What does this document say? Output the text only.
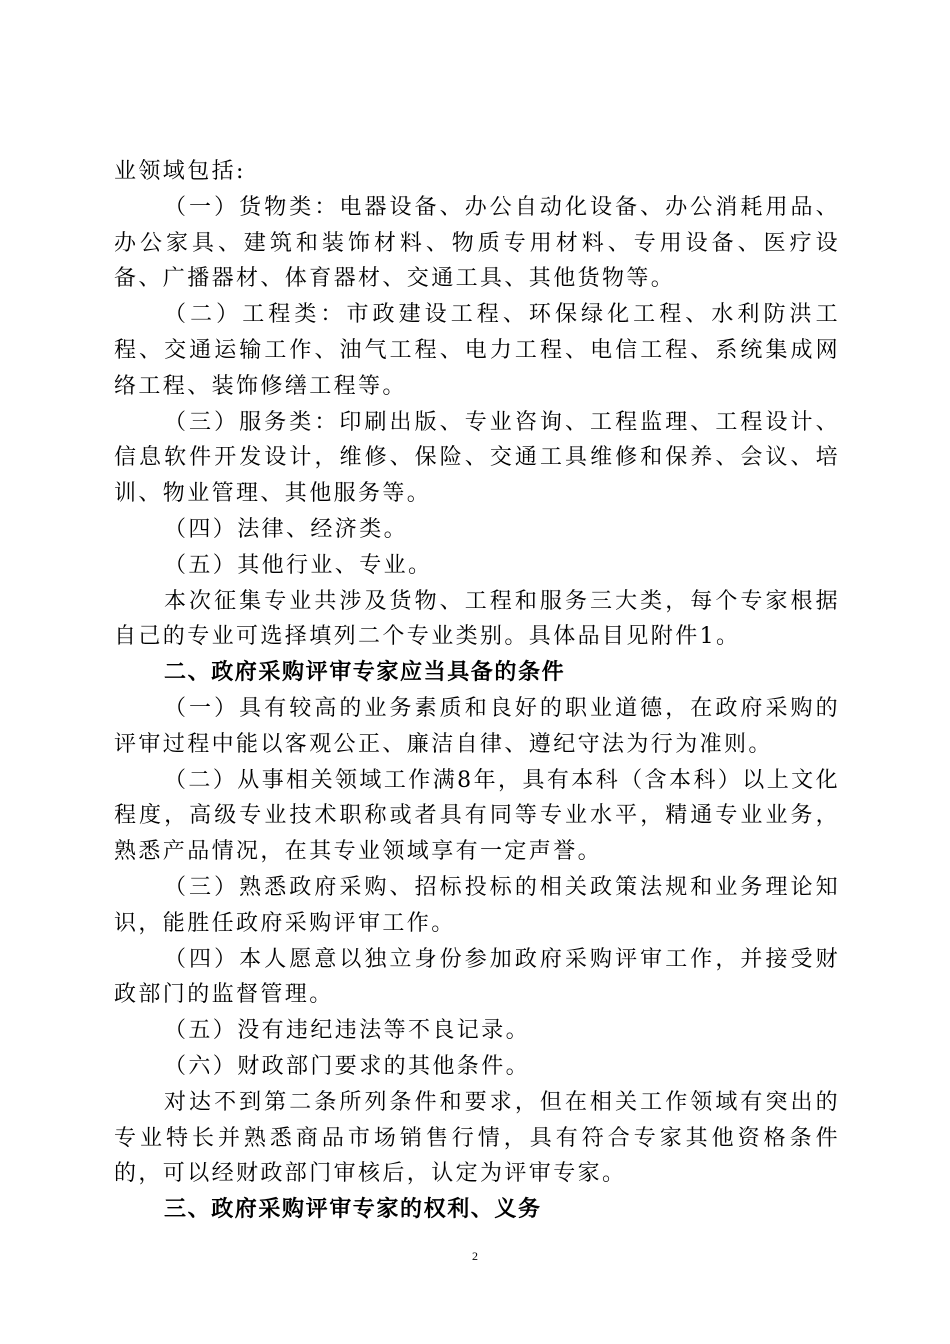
业领域包括:

（一）货物类：电器设备、办公自动化设备、办公消耗用品、办公家具、建筑和装饰材料、物质专用材料、专用设备、医疗设备、广播器材、体育器材、交通工具、其他货物等。

（二）工程类：市政建设工程、环保绿化工程、水利防洪工程、交通运输工作、油气工程、电力工程、电信工程、系统集成网络工程、装饰修缮工程等。

（三）服务类：印刷出版、专业咨询、工程监理、工程设计、信息软件开发设计，维修、保险、交通工具维修和保养、会议、培训、物业管理、其他服务等。

（四）法律、经济类。

（五）其他行业、专业。

本次征集专业共涉及货物、工程和服务三大类，每个专家根据自己的专业可选择填列二个专业类别。具体品目见附件1。

二、政府采购评审专家应当具备的条件

（一）具有较高的业务素质和良好的职业道德，在政府采购的评审过程中能以客观公正、廉洁自律、遵纪守法为行为准则。

（二）从事相关领域工作满8年，具有本科（含本科）以上文化程度，高级专业技术职称或者具有同等专业水平，精通专业业务，熟悉产品情况，在其专业领域享有一定声誉。

（三）熟悉政府采购、招标投标的相关政策法规和业务理论知识，能胜任政府采购评审工作。

（四）本人愿意以独立身份参加政府采购评审工作，并接受财政部门的监督管理。

（五）没有违纪违法等不良记录。

（六）财政部门要求的其他条件。

对达不到第二条所列条件和要求，但在相关工作领域有突出的专业特长并熟悉商品市场销售行情，具有符合专家其他资格条件的，可以经财政部门审核后，认定为评审专家。

三、政府采购评审专家的权利、义务

2
